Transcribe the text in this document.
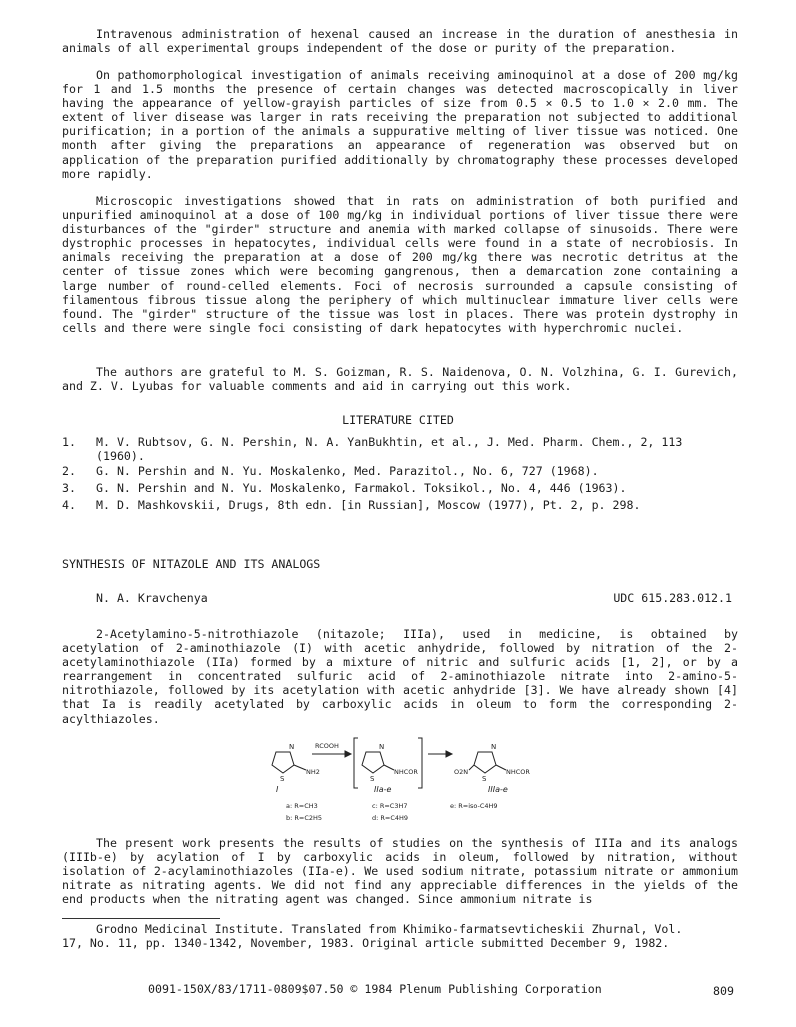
Intravenous administration of hexenal caused an increase in the duration of anesthesia in animals of all experimental groups independent of the dose or purity of the preparation.

On pathomorphological investigation of animals receiving aminoquinol at a dose of 200 mg/kg for 1 and 1.5 months the presence of certain changes was detected macroscopically in liver having the appearance of yellow-grayish particles of size from 0.5 × 0.5 to 1.0 × 2.0 mm. The extent of liver disease was larger in rats receiving the preparation not subjected to additional purification; in a portion of the animals a suppurative melting of liver tissue was noticed. One month after giving the preparations an appearance of regeneration was observed but on application of the preparation purified additionally by chromatography these processes developed more rapidly.

Microscopic investigations showed that in rats on administration of both purified and unpurified aminoquinol at a dose of 100 mg/kg in individual portions of liver tissue there were disturbances of the "girder" structure and anemia with marked collapse of sinusoids. There were dystrophic processes in hepatocytes, individual cells were found in a state of necrobiosis. In animals receiving the preparation at a dose of 200 mg/kg there was necrotic detritus at the center of tissue zones which were becoming gangrenous, then a demarcation zone containing a large number of round-celled elements. Foci of necrosis surrounded a capsule consisting of filamentous fibrous tissue along the periphery of which multinuclear immature liver cells were found. The "girder" structure of the tissue was lost in places. There was protein dystrophy in cells and there were single foci consisting of dark hepatocytes with hyperchromic nuclei.

The authors are grateful to M. S. Goizman, R. S. Naidenova, O. N. Volzhina, G. I. Gurevich, and Z. V. Lyubas for valuable comments and aid in carrying out this work.

LITERATURE CITED
1. M. V. Rubtsov, G. N. Pershin, N. A. YanBukhtin, et al., J. Med. Pharm. Chem., 2, 113
(1960).
2. G. N. Pershin and N. Yu. Moskalenko, Med. Parazitol., No. 6, 727 (1968).
3. G. N. Pershin and N. Yu. Moskalenko, Farmakol. Toksikol., No. 4, 446 (1963).
4. M. D. Mashkovskii, Drugs, 8th edn. [in Russian], Moscow (1977), Pt. 2, p. 298.
SYNTHESIS OF NITAZOLE AND ITS ANALOGS
N. A. Kravchenya	UDC 615.283.012.1

2-Acetylamino-5-nitrothiazole (nitazole; IIIa), used in medicine, is obtained by acetylation of 2-aminothiazole (I) with acetic anhydride, followed by nitration of the 2-acetylaminothiazole (IIa) formed by a mixture of nitric and sulfuric acids [1, 2], or by a rearrangement in concentrated sulfuric acid of 2-aminothiazole nitrate into 2-amino-5-nitrothiazole, followed by its acetylation with acetic anhydride [3]. We have already shown [4] that Ia is readily acetylated by carboxylic acids in oleum to form the corresponding 2-acylthiazoles.

N
S
NH2
I
RCOOH	N
S
NHCOR
IIa-e
O2N
N
S
NHCOR
IIIa-e
a: R=CH3
b: R=C2H5
c: R=C3H7
d: R=C4H9
e: R=iso-C4H9

The present work presents the results of studies on the synthesis of IIIa and its analogs (IIIb-e) by acylation of I by carboxylic acids in oleum, followed by nitration, without isolation of 2-acylaminothiazoles (IIa-e). We used sodium nitrate, potassium nitrate or ammonium nitrate as nitrating agents. We did not find any appreciable differences in the yields of the end products when the nitrating agent was changed. Since ammonium nitrate is

Grodno Medicinal Institute. Translated from Khimiko-farmatsevticheskii Zhurnal, Vol.
17, No. 11, pp. 1340-1342, November, 1983. Original article submitted December 9, 1982.
0091-150X/83/1711-0809$07.50 © 1984 Plenum Publishing Corporation	809
